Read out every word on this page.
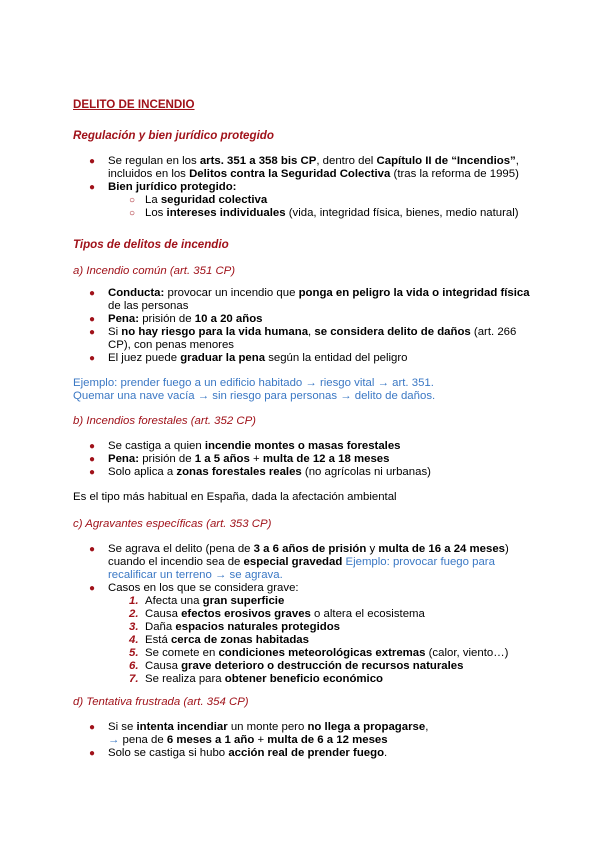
DELITO DE INCENDIO
Regulación y bien jurídico protegido
● Se regulan en los arts. 351 a 358 bis CP, dentro del Capítulo II de “Incendios”,
incluidos en los Delitos contra la Seguridad Colectiva (tras la reforma de 1995)
● Bien jurídico protegido:
○ La seguridad colectiva
○ Los intereses individuales (vida, integridad física, bienes, medio natural)
Tipos de delitos de incendio
a) Incendio común (art. 351 CP)
● Conducta: provocar un incendio que ponga en peligro la vida o integridad física
de las personas
● Pena: prisión de 10 a 20 años
● Si no hay riesgo para la vida humana, se considera delito de daños (art. 266
CP), con penas menores
● El juez puede graduar la pena según la entidad del peligro
Ejemplo: prender fuego a un edificio habitado → riesgo vital → art. 351.
Quemar una nave vacía → sin riesgo para personas → delito de daños.
b) Incendios forestales (art. 352 CP)
● Se castiga a quien incendie montes o masas forestales
● Pena: prisión de 1 a 5 años + multa de 12 a 18 meses
● Solo aplica a zonas forestales reales (no agrícolas ni urbanas)
Es el tipo más habitual en España, dada la afectación ambiental
c) Agravantes específicas (art. 353 CP)
● Se agrava el delito (pena de 3 a 6 años de prisión y multa de 16 a 24 meses)
cuando el incendio sea de especial gravedad Ejemplo: provocar fuego para
recalificar un terreno → se agrava.
● Casos en los que se considera grave:
1. Afecta una gran superficie
2. Causa efectos erosivos graves o altera el ecosistema
3. Daña espacios naturales protegidos
4. Está cerca de zonas habitadas
5. Se comete en condiciones meteorológicas extremas (calor, viento…)
6. Causa grave deterioro o destrucción de recursos naturales
7. Se realiza para obtener beneficio económico
d) Tentativa frustrada (art. 354 CP)
● Si se intenta incendiar un monte pero no llega a propagarse,
→ pena de 6 meses a 1 año + multa de 6 a 12 meses
● Solo se castiga si hubo acción real de prender fuego.
